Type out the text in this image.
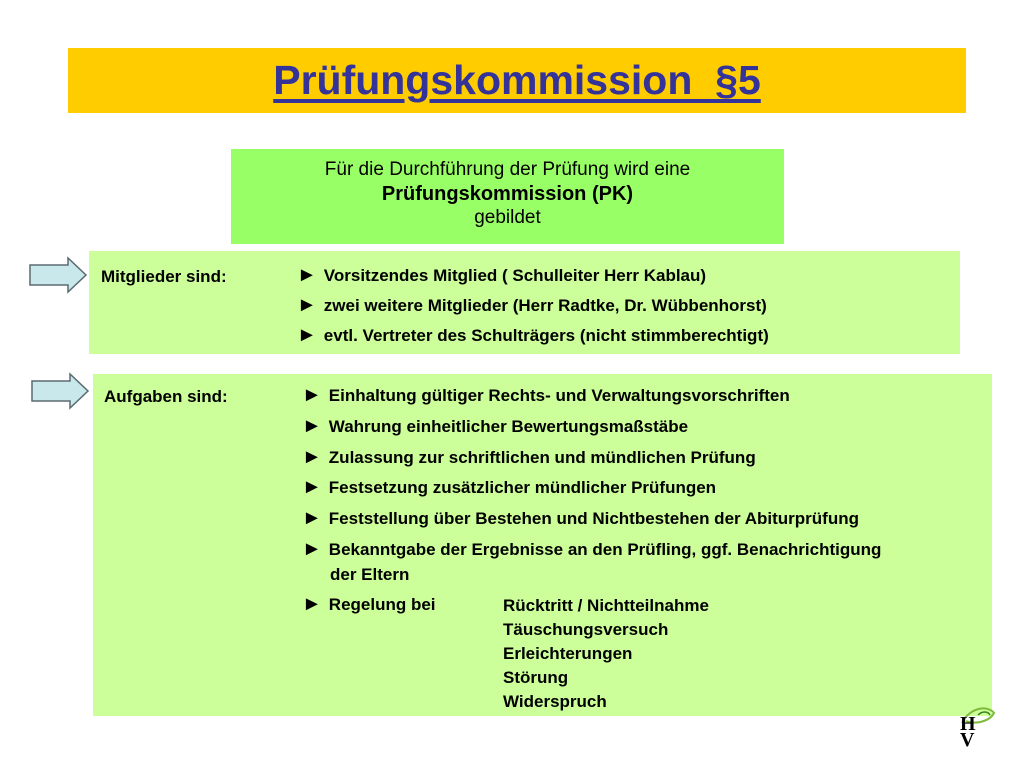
Prüfungskommission  §5
Für die Durchführung der Prüfung wird eine
Prüfungskommission (PK)
gebildet
Mitglieder sind:	► Vorsitzendes Mitglied ( Schulleiter Herr Kablau)
► zwei weitere Mitglieder (Herr Radtke, Dr. Wübbenhorst)
► evtl. Vertreter des Schulträgers (nicht stimmberechtigt)
Aufgaben sind:	► Einhaltung gültiger Rechts- und Verwaltungsvorschriften
► Wahrung einheitlicher Bewertungsmaßstäbe
► Zulassung zur schriftlichen und mündlichen Prüfung
► Festsetzung zusätzlicher mündlicher Prüfungen
► Feststellung über Bestehen und Nichtbestehen der Abiturprüfung
► Bekanntgabe der Ergebnisse an den Prüfling, ggf. Benachrichtigung
der Eltern
► Regelung bei	Rücktritt / Nichtteilnahme
Täuschungsversuch
Erleichterungen
Störung
Widerspruch
H
V
